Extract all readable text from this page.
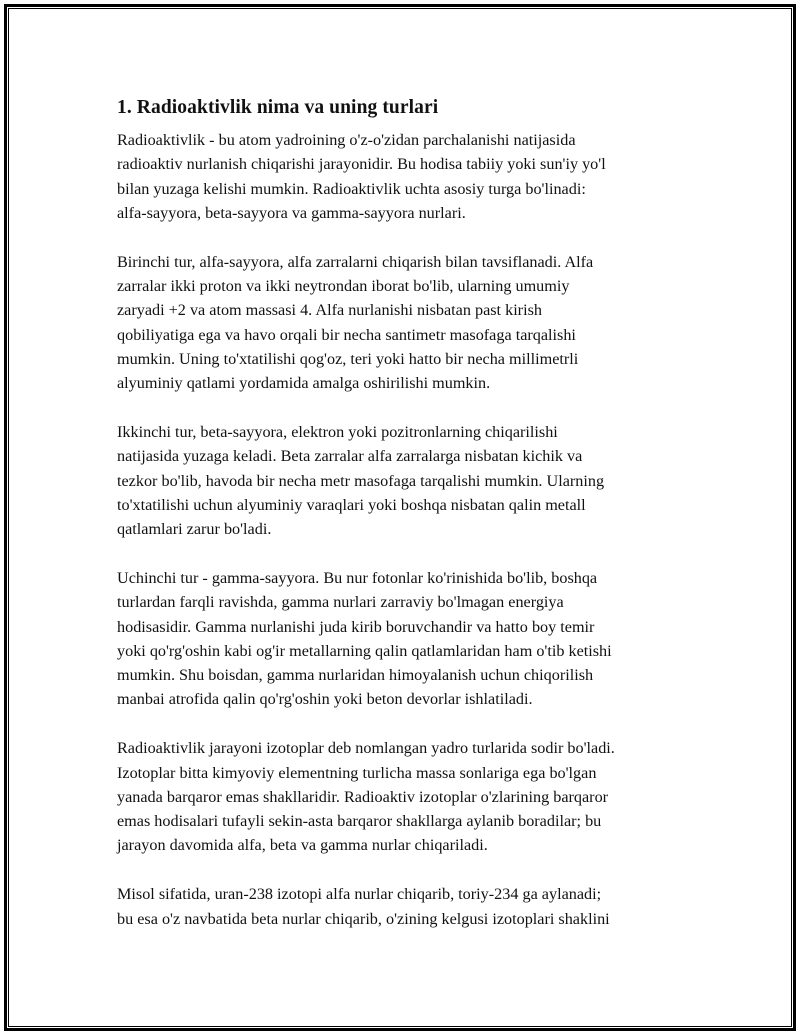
1. Radioaktivlik nima va uning turlari

Radioaktivlik - bu atom yadroining o'z-o'zidan parchalanishi natijasida
radioaktiv nurlanish chiqarishi jarayonidir. Bu hodisa tabiiy yoki sun'iy yo'l
bilan yuzaga kelishi mumkin. Radioaktivlik uchta asosiy turga bo'linadi:
alfa-sayyora, beta-sayyora va gamma-sayyora nurlari.

Birinchi tur, alfa-sayyora, alfa zarralarni chiqarish bilan tavsiflanadi. Alfa
zarralar ikki proton va ikki neytrondan iborat bo'lib, ularning umumiy
zaryadi +2 va atom massasi 4. Alfa nurlanishi nisbatan past kirish
qobiliyatiga ega va havo orqali bir necha santimetr masofaga tarqalishi
mumkin. Uning to'xtatilishi qog'oz, teri yoki hatto bir necha millimetrli
alyuminiy qatlami yordamida amalga oshirilishi mumkin.

Ikkinchi tur, beta-sayyora, elektron yoki pozitronlarning chiqarilishi
natijasida yuzaga keladi. Beta zarralar alfa zarralarga nisbatan kichik va
tezkor bo'lib, havoda bir necha metr masofaga tarqalishi mumkin. Ularning
to'xtatilishi uchun alyuminiy varaqlari yoki boshqa nisbatan qalin metall
qatlamlari zarur bo'ladi.

Uchinchi tur - gamma-sayyora. Bu nur fotonlar ko'rinishida bo'lib, boshqa
turlardan farqli ravishda, gamma nurlari zarraviy bo'lmagan energiya
hodisasidir. Gamma nurlanishi juda kirib boruvchandir va hatto boy temir
yoki qo'rg'oshin kabi og'ir metallarning qalin qatlamlaridan ham o'tib ketishi
mumkin. Shu boisdan, gamma nurlaridan himoyalanish uchun chiqorilish
manbai atrofida qalin qo'rg'oshin yoki beton devorlar ishlatiladi.

Radioaktivlik jarayoni izotoplar deb nomlangan yadro turlarida sodir bo'ladi.
Izotoplar bitta kimyoviy elementning turlicha massa sonlariga ega bo'lgan
yanada barqaror emas shakllaridir. Radioaktiv izotoplar o'zlarining barqaror
emas hodisalari tufayli sekin-asta barqaror shakllarga aylanib boradilar; bu
jarayon davomida alfa, beta va gamma nurlar chiqariladi.

Misol sifatida, uran-238 izotopi alfa nurlar chiqarib, toriy-234 ga aylanadi;
bu esa o'z navbatida beta nurlar chiqarib, o'zining kelgusi izotoplari shaklini
